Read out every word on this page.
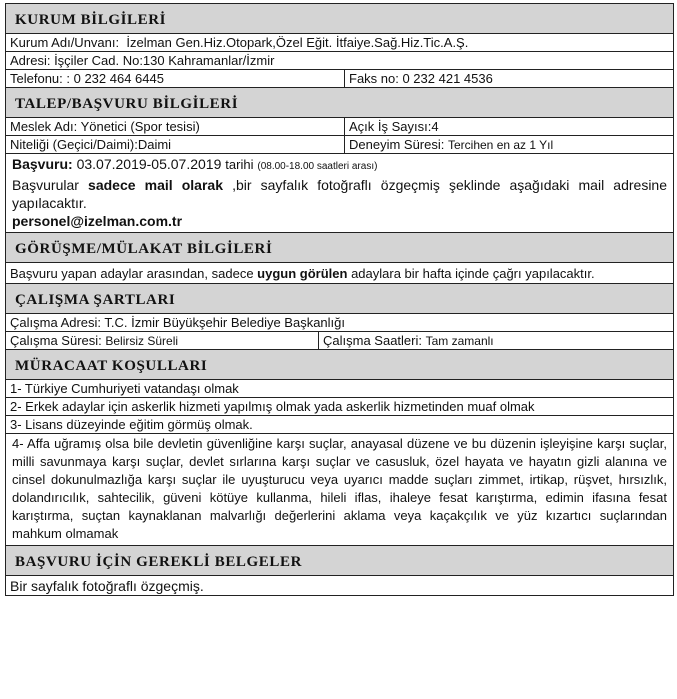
KURUM BİLGİLERİ
Kurum Adı/Unvanı: İzelman Gen.Hiz.Otopark,Özel Eğit. İtfaiye.Sağ.Hiz.Tic.A.Ş.
Adresi: İşçiler Cad. No:130 Kahramanlar/İzmir
Telefonu: : 0 232 464 6445	Faks no: 0 232 421 4536
TALEP/BAŞVURU BİLGİLERİ
Meslek Adı: Yönetici (Spor tesisi)	Açık İş Sayısı:4
Niteliği (Geçici/Daimi):Daimi	Deneyim Süresi: Tercihen en az 1 Yıl
Başvuru: 03.07.2019-05.07.2019 tarihi (08.00-18.00 saatleri arası)
Başvurular sadece mail olarak ,bir sayfalık fotoğraflı özgeçmiş şeklinde aşağıdaki mail adresine yapılacaktır.
personel@izelman.com.tr
GÖRÜŞME/MÜLAKAT BİLGİLERİ
Başvuru yapan adaylar arasından, sadece uygun görülen adaylara bir hafta içinde çağrı yapılacaktır.
ÇALIŞMA ŞARTLARI
Çalışma Adresi: T.C. İzmir Büyükşehir Belediye Başkanlığı
Çalışma Süresi: Belirsiz Süreli	Çalışma Saatleri: Tam zamanlı
MÜRACAAT KOŞULLARI
1- Türkiye Cumhuriyeti vatandaşı olmak
2- Erkek adaylar için askerlik hizmeti yapılmış olmak yada askerlik hizmetinden muaf olmak
3- Lisans düzeyinde eğitim görmüş olmak.
4- Affa uğramış olsa bile devletin güvenliğine karşı suçlar, anayasal düzene ve bu düzenin işleyişine karşı suçlar, milli savunmaya karşı suçlar, devlet sırlarına karşı suçlar ve casusluk, özel hayata ve hayatın gizli alanına ve cinsel dokunulmazlığa karşı suçlar ile uyuşturucu veya uyarıcı madde suçları zimmet, irtikap, rüşvet, hırsızlık, dolandırıcılık, sahtecilik, güveni kötüye kullanma, hileli iflas, ihaleye fesat karıştırma, edimin ifasına fesat karıştırma, suçtan kaynaklanan malvarlığı değerlerini aklama veya kaçakçılık ve yüz kızartıcı suçlarından mahkum olmamak
BAŞVURU İÇİN GEREKLİ BELGELER
Bir sayfalık fotoğraflı özgeçmiş.
